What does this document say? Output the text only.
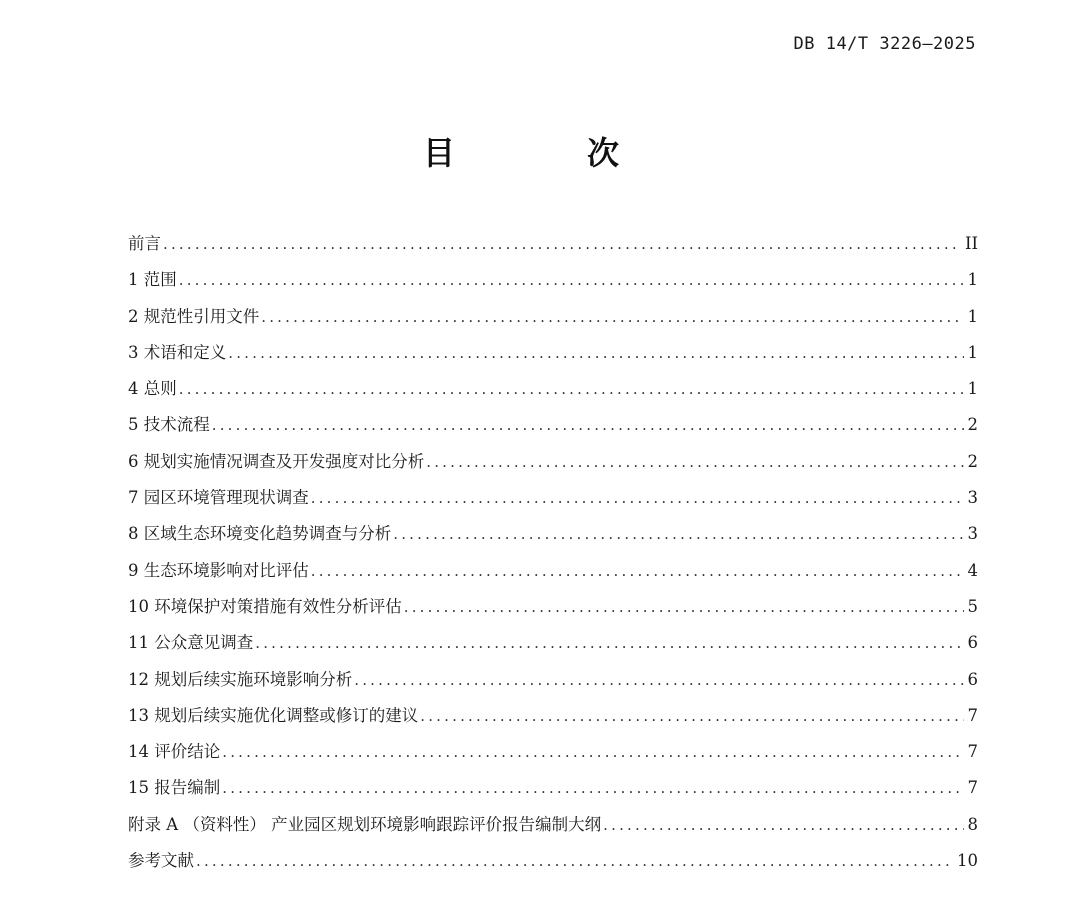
DB 14/T 3226—2025
目　次
前言 .....	II
1 范围 .....	1
2 规范性引用文件 .....	1
3 术语和定义 .....	1
4 总则 .....	1
5 技术流程 .....	2
6 规划实施情况调查及开发强度对比分析 .....	2
7 园区环境管理现状调查 .....	3
8 区域生态环境变化趋势调查与分析 .....	3
9 生态环境影响对比评估 .....	4
10 环境保护对策措施有效性分析评估 .....	5
11 公众意见调查 .....	6
12 规划后续实施环境影响分析 .....	6
13 规划后续实施优化调整或修订的建议 .....	7
14 评价结论 .....	7
15 报告编制 .....	7
附录 A （资料性） 产业园区规划环境影响跟踪评价报告编制大纲 .....	8
参考文献 .....	10
